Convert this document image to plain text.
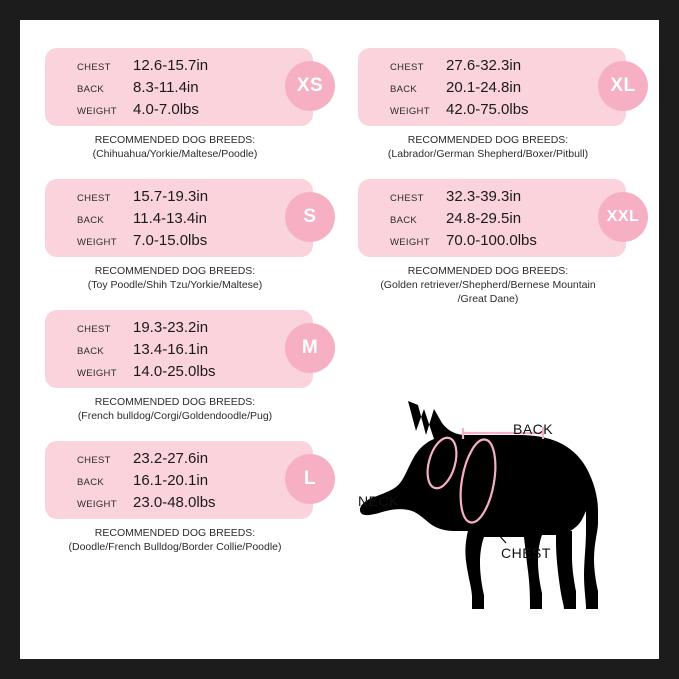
CHEST	12.6-15.7in
BACK	8.3-11.4in
WEIGHT	4.0-7.0lbs
XS
RECOMMENDED DOG BREEDS:
(Chihuahua/Yorkie/Maltese/Poodle)
CHEST	15.7-19.3in
BACK	11.4-13.4in
WEIGHT	7.0-15.0lbs
S
RECOMMENDED DOG BREEDS:
(Toy Poodle/Shih Tzu/Yorkie/Maltese)
CHEST	19.3-23.2in
BACK	13.4-16.1in
WEIGHT	14.0-25.0lbs
M
RECOMMENDED DOG BREEDS:
(French bulldog/Corgi/Goldendoodle/Pug)
CHEST	23.2-27.6in
BACK	16.1-20.1in
WEIGHT	23.0-48.0lbs
L
RECOMMENDED DOG BREEDS:
(Doodle/French Bulldog/Border Collie/Poodle)
CHEST	27.6-32.3in
BACK	20.1-24.8in
WEIGHT	42.0-75.0lbs
XL
RECOMMENDED DOG BREEDS:
(Labrador/German Shepherd/Boxer/Pitbull)
CHEST	32.3-39.3in
BACK	24.8-29.5in
WEIGHT	70.0-100.0lbs
XXL
RECOMMENDED DOG BREEDS:
(Golden retriever/Shepherd/Bernese Mountain
/Great Dane)
BACK
NECK
CHEST
